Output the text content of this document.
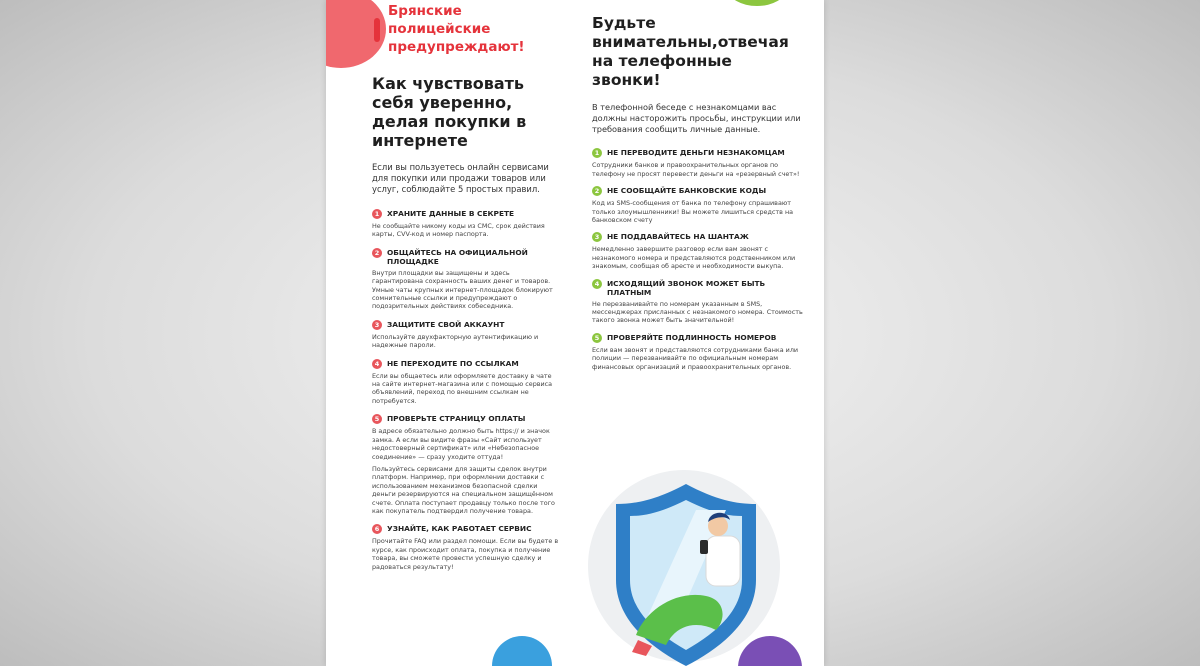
Брянские
полицейские
предупреждают!
Как чувствовать себя уверенно, делая покупки в интернете
Если вы пользуетесь онлайн сервисами для покупки или продажи товаров или услуг, соблюдайте 5 простых правил.
1	ХРАНИТЕ ДАННЫЕ В СЕКРЕТЕ

Не сообщайте никому коды из СМС, срок действия карты, CVV-код и номер паспорта.

2	ОБЩАЙТЕСЬ НА ОФИЦИАЛЬНОЙ ПЛОЩАДКЕ

Внутри площадки вы защищены и здесь гарантирована сохранность ваших денег и товаров. Умные чаты крупных интернет-площадок блокируют сомнительные ссылки и предупреждают о подозрительных действиях собеседника.

3	ЗАЩИТИТЕ СВОЙ АККАУНТ

Используйте двухфакторную аутентификацию и надежные пароли.

4	НЕ ПЕРЕХОДИТЕ ПО ССЫЛКАМ

Если вы общаетесь или оформляете доставку в чате на сайте интернет-магазина или с помощью сервиса объявлений, переход по внешним ссылкам не потребуется.

5	ПРОВЕРЬТЕ СТРАНИЦУ ОПЛАТЫ

В адресе обязательно должно быть https:// и значок замка. А если вы видите фразы «Сайт использует недостоверный сертификат» или «Небезопасное соединение» — сразу уходите оттуда!

Пользуйтесь сервисами для защиты сделок внутри платформ. Например, при оформлении доставки с использованием механизмов безопасной сделки деньги резервируются на специальном защищённом счете. Оплата поступает продавцу только после того как покупатель подтвердил получение товара.

6	УЗНАЙТЕ, КАК РАБОТАЕТ СЕРВИС

Прочитайте FAQ или раздел помощи. Если вы будете в курсе, как происходит оплата, покупка и получение товара, вы сможете провести успешную сделку и радоваться результату!

Будьте внимательны,отвечая на телефонные звонки!
В телефонной беседе с незнакомцами вас должны насторожить просьбы, инструкции или требования сообщить личные данные.
1	НЕ ПЕРЕВОДИТЕ ДЕНЬГИ НЕЗНАКОМЦАМ

Сотрудники банков и правоохранительных органов по телефону не просят перевести деньги на «резервный счет»!

2	НЕ СООБЩАЙТЕ БАНКОВСКИЕ КОДЫ

Код из SMS-сообщения от банка по телефону спрашивают только злоумышленники! Вы можете лишиться средств на банковском счету

3	НЕ ПОДДАВАЙТЕСЬ НА ШАНТАЖ

Немедленно завершите разговор если вам звонят с незнакомого номера и представляются родственником или знакомым, сообщая об аресте и необходимости выкупа.

4	ИСХОДЯЩИЙ ЗВОНОК МОЖЕТ БЫТЬ ПЛАТНЫМ

Не перезванивайте по номерам указанным в SMS, мессенджерах присланных с незнакомого номера. Стоимость такого звонка может быть значительной!

5	ПРОВЕРЯЙТЕ ПОДЛИННОСТЬ НОМЕРОВ

Если вам звонят и представляются сотрудниками банка или полиции — перезванивайте по официальным номерам финансовых организаций и правоохранительных органов.
